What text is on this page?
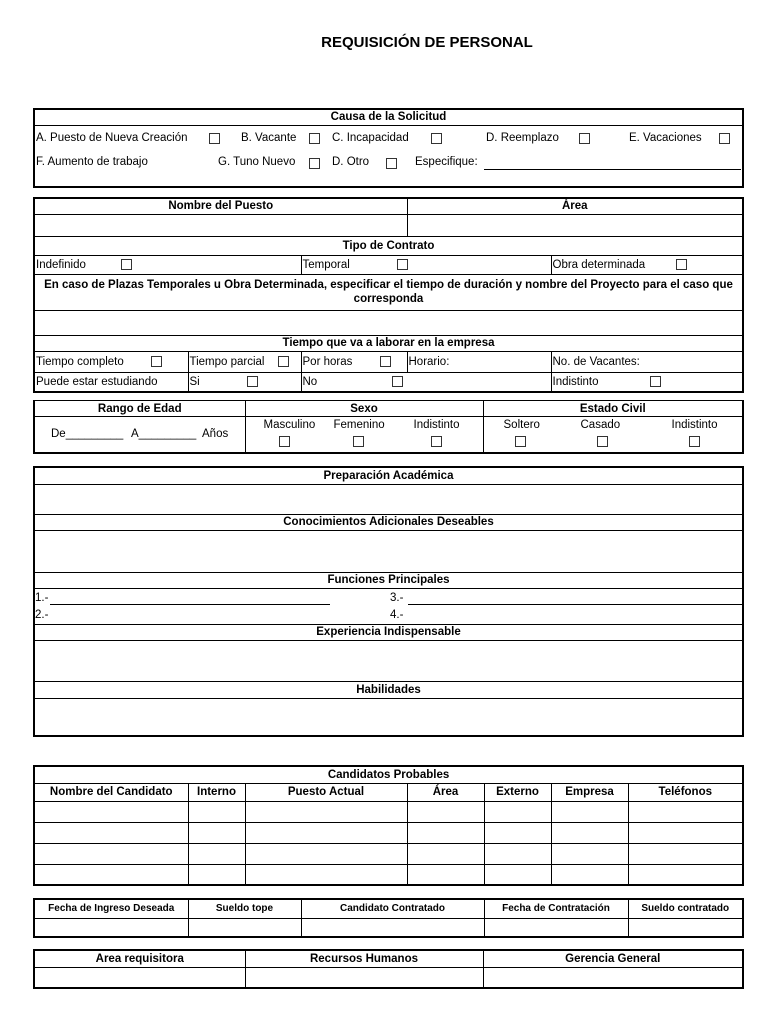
REQUISICIÓN DE PERSONAL
Causa de la Solicitud

A. Puesto de Nueva Creación	B. Vacante	C. Incapacidad	D. Reemplazo	E. Vacaciones
F. Aumento de trabajo	G. Tuno Nuevo	D. Otro	Especifique:
Nombre del Puesto			Área	

Tipo de Contrato				
Indefinido		Temporal		Obra determinada
En caso de Plazas Temporales u Obra Determinada, especificar el tiempo de duración y nombre del Proyecto para el caso que corresponda				

Tiempo que va a laborar en la empresa				
Tiempo completo	Tiempo parcial	Por horas	Horario:	No. de Vacantes:
Puede estar estudiando	Si	No		Indistinto
Rango de Edad	Sexo	Estado Civil

De_________ A_________ Años	Masculino Femenino Indistinto	Soltero Casado Indistinto
Preparación Académica

Conocimientos Adicionales Deseables

Funciones Principales

1.-	3.-
2.-	4.-

Experiencia Indispensable

Habilidades

Candidatos Probables						
Nombre del Candidato	Interno	Puesto Actual	Área	Externo	Empresa	Teléfonos

Fecha de Ingreso Deseada	Sueldo tope	Candidato Contratado	Fecha de Contratación	Sueldo contratado

Area requisitora	Recursos Humanos	Gerencia General
